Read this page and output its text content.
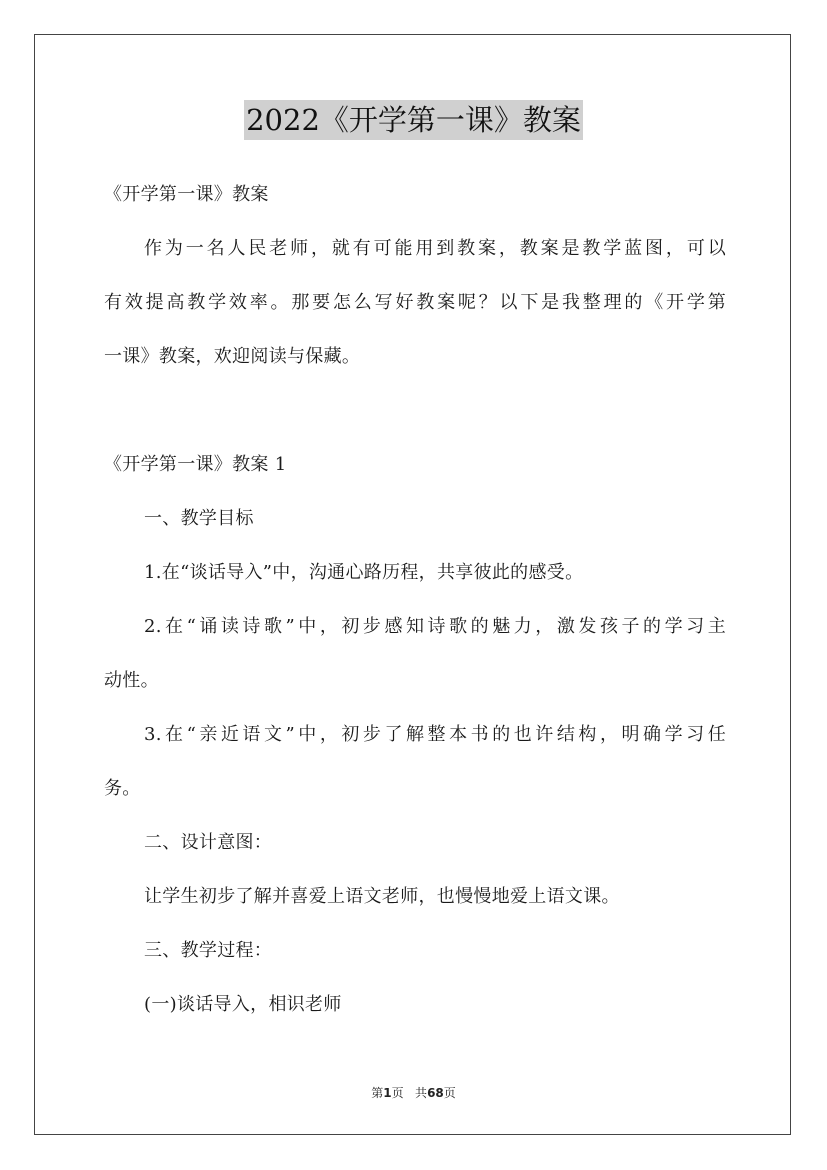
2022《开学第一课》教案
《开学第一课》教案
作为一名人民老师，就有可能用到教案，教案是教学蓝图，可以
有效提高教学效率。那要怎么写好教案呢？以下是我整理的《开学第
一课》教案，欢迎阅读与保藏。
《开学第一课》教案 1
一、教学目标
1.在“谈话导入”中，沟通心路历程，共享彼此的感受。
2.在“诵读诗歌”中，初步感知诗歌的魅力，激发孩子的学习主
动性。
3.在“亲近语文”中，初步了解整本书的也许结构，明确学习任
务。
二、设计意图：
让学生初步了解并喜爱上语文老师，也慢慢地爱上语文课。
三、教学过程：
(一)谈话导入，相识老师
第1页 共68页
